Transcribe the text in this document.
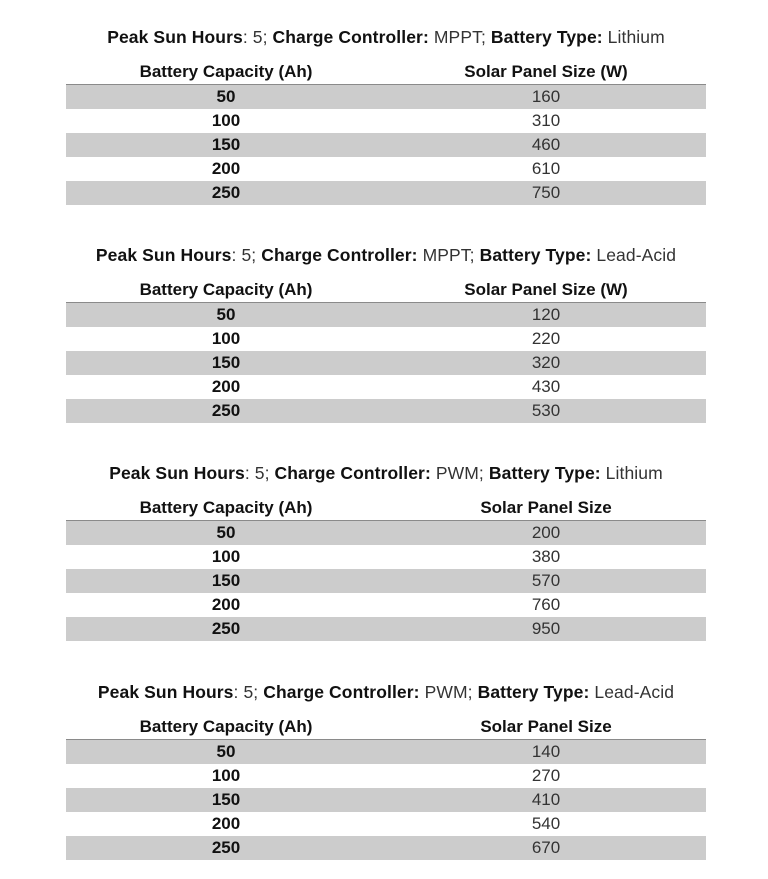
Peak Sun Hours: 5; Charge Controller: MPPT; Battery Type: Lithium
Battery Capacity (Ah)	Solar Panel Size (W)
50	160
100	310
150	460
200	610
250	750
Peak Sun Hours: 5; Charge Controller: MPPT; Battery Type: Lead-Acid
Battery Capacity (Ah)	Solar Panel Size (W)
50	120
100	220
150	320
200	430
250	530
Peak Sun Hours: 5; Charge Controller: PWM; Battery Type: Lithium
Battery Capacity (Ah)	Solar Panel Size
50	200
100	380
150	570
200	760
250	950
Peak Sun Hours: 5; Charge Controller: PWM; Battery Type: Lead-Acid
Battery Capacity (Ah)	Solar Panel Size
50	140
100	270
150	410
200	540
250	670
